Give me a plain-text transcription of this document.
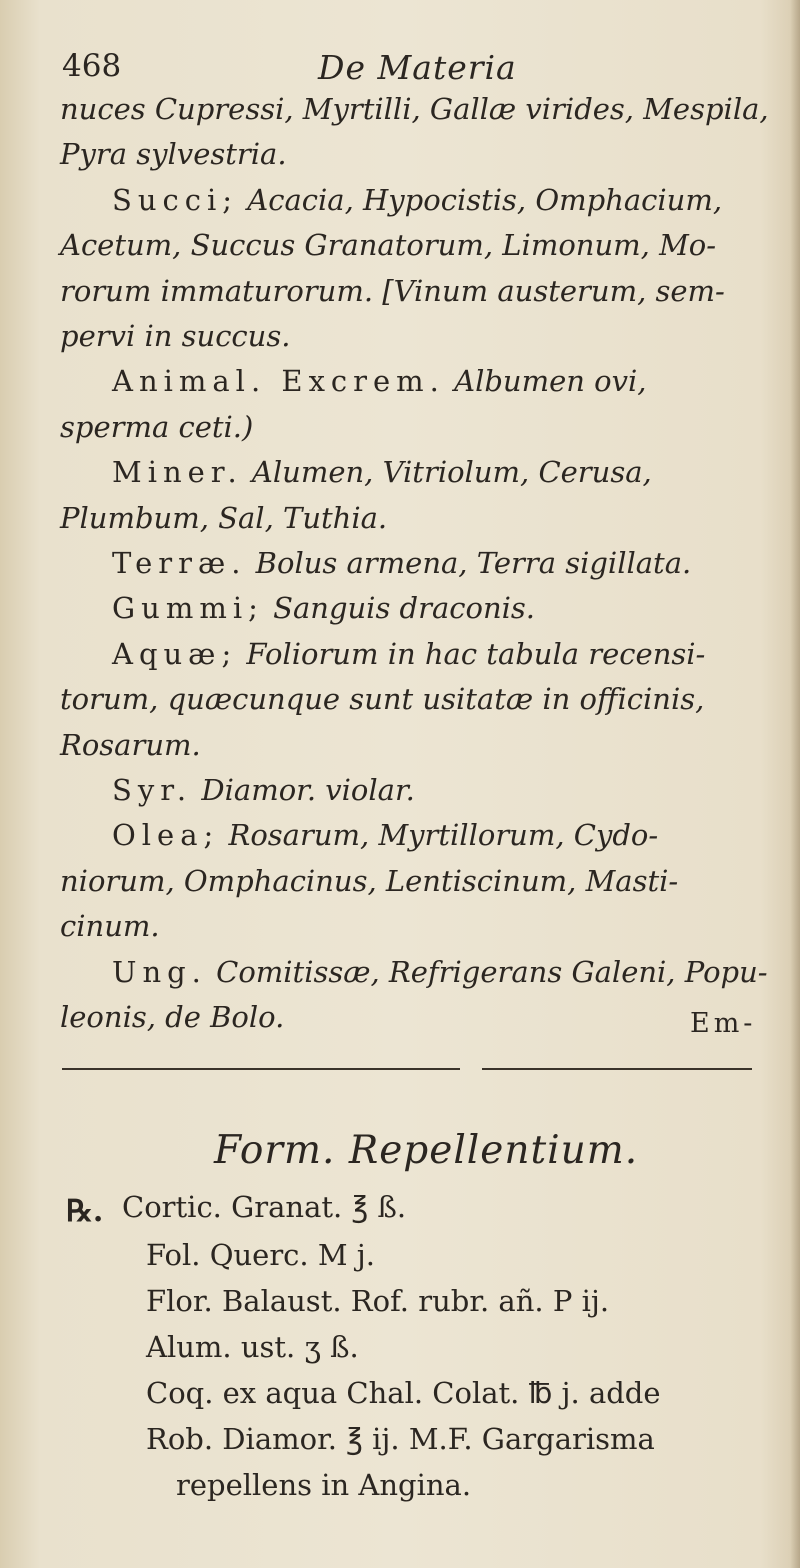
468	De Materia
nuces Cupressi, Myrtilli, Gallæ virides, Mespila,
Pyra sylvestria.
Succi; Acacia, Hypocistis, Omphacium,
Acetum, Succus Granatorum, Limonum, Mo-
rorum immaturorum. [Vinum austerum, sem-
pervi in succus.
Animal. Excrem. Albumen ovi,
sperma ceti.)
Miner. Alumen, Vitriolum, Cerusa,
Plumbum, Sal, Tuthia.
Terræ. Bolus armena, Terra sigillata.
Gummi; Sanguis draconis.
Aquæ; Foliorum in hac tabula recensi-
torum, quæcunque sunt usitatæ in officinis,
Rosarum.
Syr. Diamor. violar.
Olea; Rosarum, Myrtillorum, Cydo-
niorum, Omphacinus, Lentiscinum, Masti-
cinum.
Ung. Comitissæ, Refrigerans Galeni, Popu-
leonis, de Bolo.	Em-
Form. Repellentium.
℞. Cortic. Granat. ℥ ß.
Fol. Querc. M j.
Flor. Balaust. Rof. rubr. añ. P ij.
Alum. ust. ʒ ß.
Coq. ex aqua Chal. Colat. ℔ j. adde
Rob. Diamor. ℥ ij. M.F. Gargarisma
repellens in Angina.
